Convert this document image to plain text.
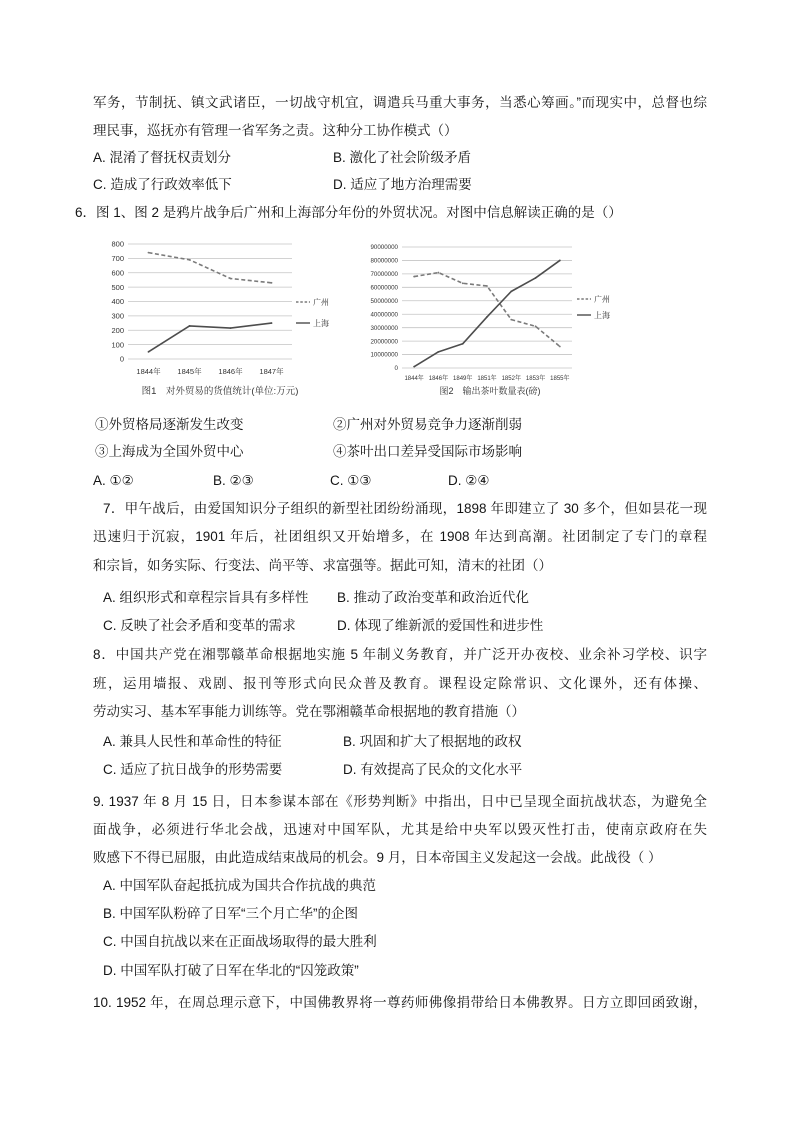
军务，节制抚、镇文武诸臣，一切战守机宜，调遣兵马重大事务，当悉心筹画。”而现实中，总督也综
理民事，巡抚亦有管理一省军务之责。这种分工协作模式（）
A. 混淆了督抚权责划分	B. 激化了社会阶级矛盾
C. 造成了行政效率低下	D. 适应了地方治理需要
6．图 1、图 2 是鸦片战争后广州和上海部分年份的外贸状况。对图中信息解读正确的是（）
0
100
200
300
400
500
600
700
800
1844年 1845年 1846年 1847年
广州
上海
图1　对外贸易的货值统计(单位:万元)
0
10000000
20000000
30000000
40000000
50000000
60000000
70000000
80000000
90000000
1844年 1846年 1849年 1851年 1852年 1853年 1855年
广州
上海
图2　输出茶叶数量表(磅)
①外贸格局逐渐发生改变	②广州对外贸易竞争力逐渐削弱
③上海成为全国外贸中心	④茶叶出口差异受国际市场影响
A. ①②	B. ②③	C. ①③	D. ②④
7．甲午战后，由爱国知识分子组织的新型社团纷纷涌现，1898 年即建立了 30 多个，但如昙花一现
迅速归于沉寂，1901 年后，社团组织又开始增多，在 1908 年达到高潮。社团制定了专门的章程
和宗旨，如务实际、行变法、尚平等、求富强等。据此可知，清末的社团（）
A. 组织形式和章程宗旨具有多样性 B. 推动了政治变革和政治近代化
C. 反映了社会矛盾和变革的需求	D. 体现了维新派的爱国性和进步性
8．中国共产党在湘鄂赣革命根据地实施 5 年制义务教育，并广泛开办夜校、业余补习学校、识字
班，运用墙报、戏剧、报刊等形式向民众普及教育。课程设定除常识、文化课外，还有体操、
劳动实习、基本军事能力训练等。党在鄂湘赣革命根据地的教育措施（）
A. 兼具人民性和革命性的特征	B. 巩固和扩大了根据地的政权
C. 适应了抗日战争的形势需要	D. 有效提高了民众的文化水平
9. 1937 年 8 月 15 日，日本参谋本部在《形势判断》中指出，日中已呈现全面抗战状态，为避免全
面战争，必须进行华北会战，迅速对中国军队，尤其是给中央军以毁灭性打击，使南京政府在失
败感下不得已屈服，由此造成结束战局的机会。9 月，日本帝国主义发起这一会战。此战役（ ）
A. 中国军队奋起抵抗成为国共合作抗战的典范
B. 中国军队粉碎了日军“三个月亡华”的企图
C. 中国自抗战以来在正面战场取得的最大胜利
D. 中国军队打破了日军在华北的“囚笼政策”
10. 1952 年，在周总理示意下，中国佛教界将一尊药师佛像捐带给日本佛教界。日方立即回函致谢，
